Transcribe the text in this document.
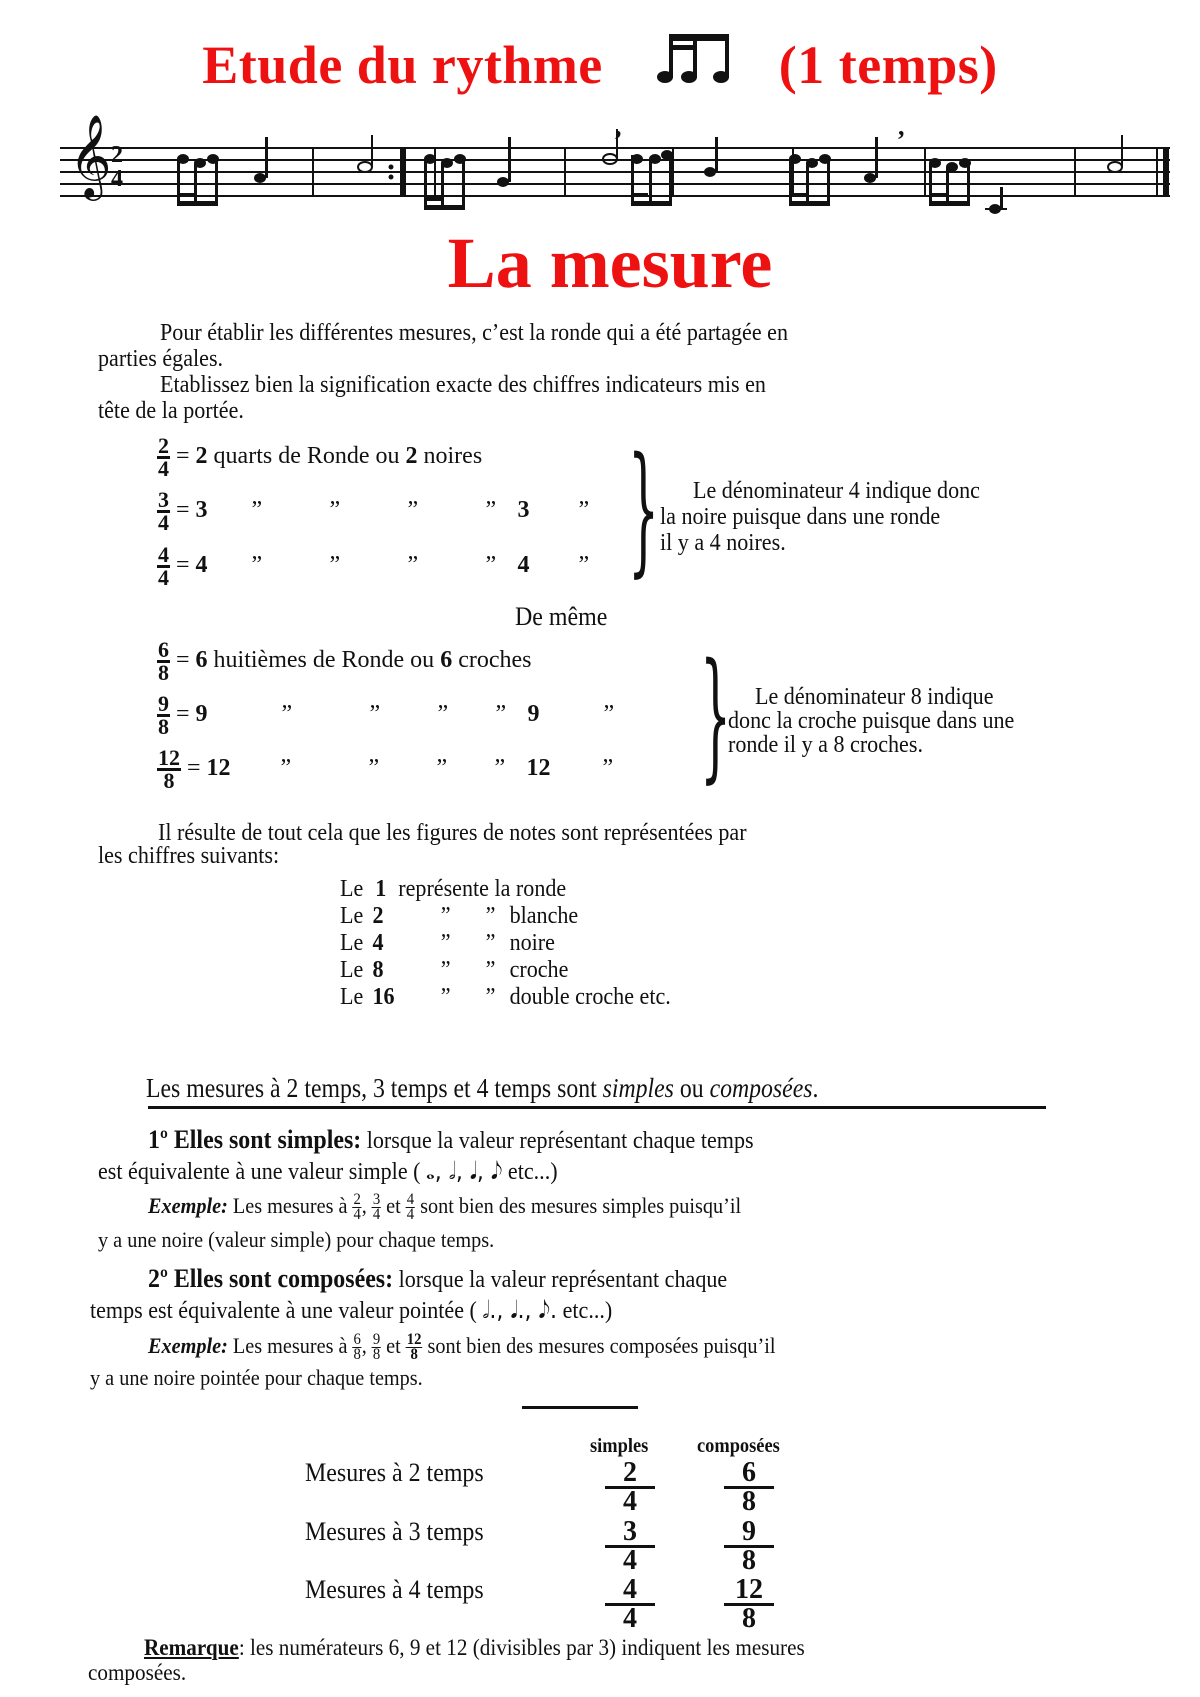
Etude du rythme	(1 temps)
,	,
𝄞 2
4
La mesure
Pour établir les différentes mesures, c’est la ronde qui a été partagée en
parties égales.
Etablissez bien la signification exacte des chiffres indicateurs mis en
tête de la portée.
$\frac{2}{4} = 2$ quarts de Ronde ou 2 noires
$\frac{3}{4} = 3$ ”	”	”	” 3 ”
$\frac{4}{4} = 4$ ”	”	”	” 4 ” } Le dénominateur 4 indique donc
la noire puisque dans une ronde
il y a 4 noires.
De même
$\frac{6}{8} = 6$ huitièmes de Ronde ou 6 croches
$\frac{9}{8} = 9$	”	” ” ” 9	”
$\frac{12}{8} = 12$ ”	” ” ” 12 ” } Le dénominateur 8 indique
donc la croche puisque dans une
ronde il y a 8 croches.
Il résulte de tout cela que les figures de notes sont représentées par
les chiffres suivants:
Le 1 représente la ronde
Le 2 ” ” blanche
Le 4 ” ” noire
Le 8 ” ” croche
Le 16 ” ” double croche etc.
Les mesures à 2 temps, 3 temps et 4 temps sont simples ou composées.
1º Elles sont simples: lorsque la valeur représentant chaque temps
est équivalente à une valeur simple ( 𝅝, 𝅗𝅥, 𝅘𝅥, 𝅘𝅥𝅮 etc...)
Exemple: Les mesures à $\frac{2}{4}$ , $\frac{3}{4}$ et $\frac{4}{4}$ sont bien des mesures simples puisqu’il
y a une noire (valeur simple) pour chaque temps.
2º Elles sont composées: lorsque la valeur représentant chaque
temps est équivalente à une valeur pointée ( 𝅗𝅥., 𝅘𝅥., 𝅘𝅥𝅮. etc...)
Exemple: Les mesures à $\frac{6}{8}$ , $\frac{9}{8}$ et $\frac{12}{8}$ sont bien des mesures composées puisqu’il
y a une noire pointée pour chaque temps.
simples composées
Mesures à 2 temps	$\frac{2}{4} \frac{6}{8}$
Mesures à 3 temps	$\frac{3}{4} \frac{9}{8}$
Mesures à 4 temps	$\frac{4}{4} \frac{12}{8}$
Remarque: les numérateurs 6, 9 et 12 (divisibles par 3) indiquent les mesures
composées.
